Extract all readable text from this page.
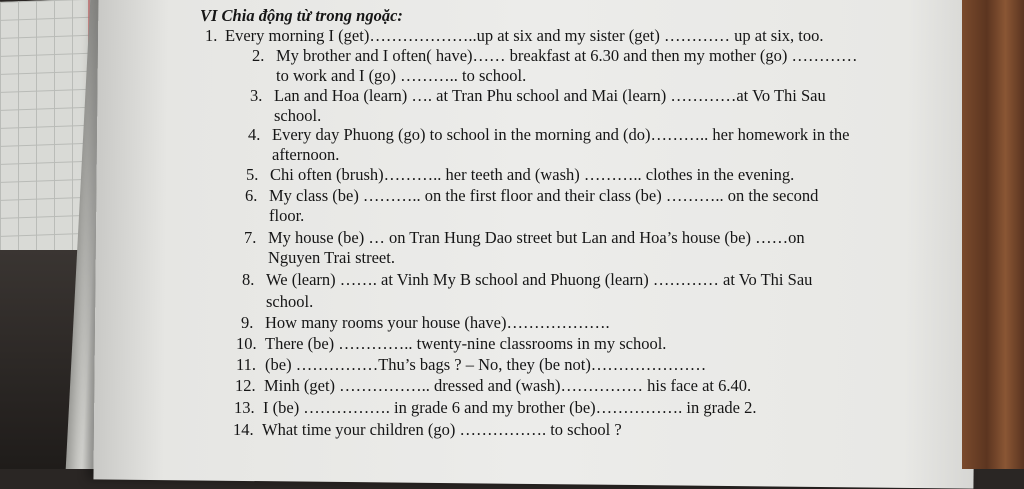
VI Chia động từ trong ngoặc:
1. Every morning I (get)………………..up at six and my sister (get) ………… up at six, too.
2. My brother and I often( have)…… breakfast at 6.30 and then my mother (go) …………
to work and I (go) ……….. to school.
3. Lan and Hoa (learn) …. at Tran Phu school and Mai (learn) …………at Vo Thi Sau
school.
4. Every day Phuong (go) to school in the morning and (do)……….. her homework in the
afternoon.
5. Chi often (brush)……….. her teeth and (wash) ……….. clothes in the evening.
6. My class (be) ……….. on the first floor and their class (be) ……….. on the second
floor.
7. My house (be) … on Tran Hung Dao street but Lan and Hoa’s house (be) ……on
Nguyen Trai street.
8. We (learn) ……. at Vinh My B school and Phuong (learn) ………… at Vo Thi Sau
school.
9. How many rooms your house (have)……………….
10. There (be) ………….. twenty-nine classrooms in my school.
11. (be) ……………Thu’s bags ? – No, they (be not)…………………
12. Minh (get) …………….. dressed and (wash)…………… his face at 6.40.
13. I (be) ……………. in grade 6 and my brother (be)……………. in grade 2.
14. What time your children (go) ……………. to school ?
